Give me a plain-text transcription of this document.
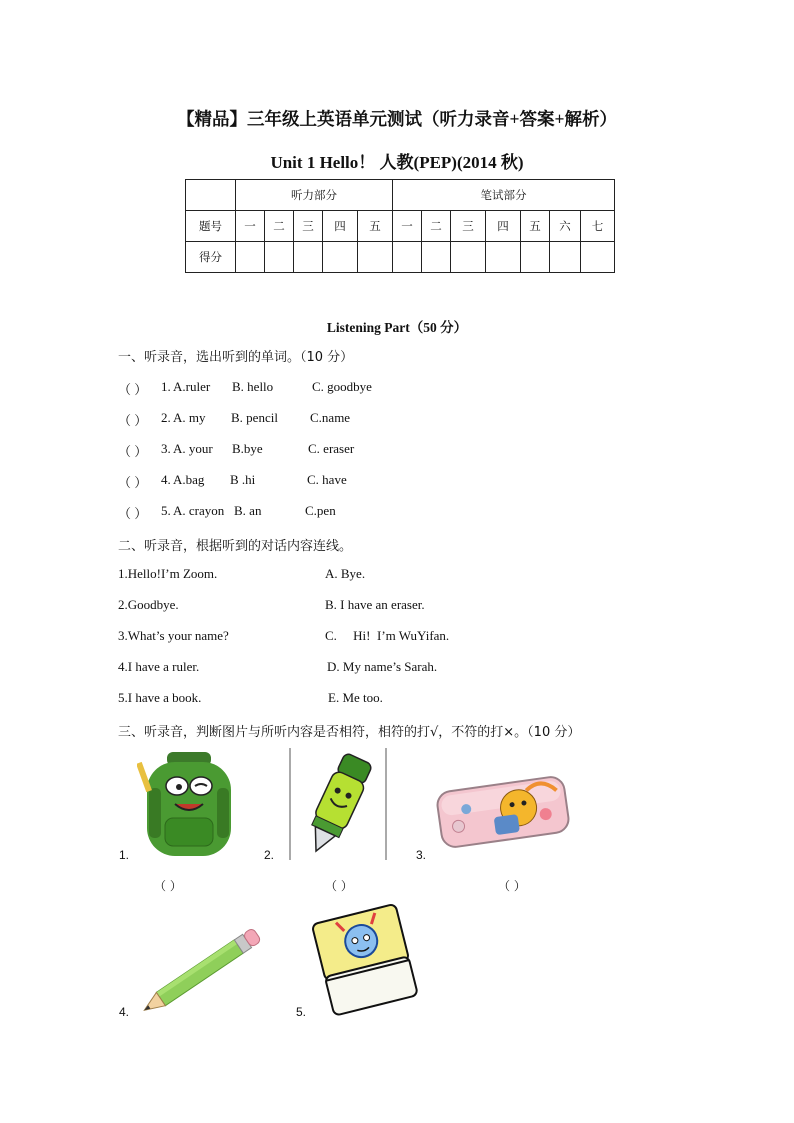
【精品】三年级上英语单元测试（听力录音+答案+解析）
Unit 1 Hello！ 人教(PEP)(2014 秋)
	听力部分					笔试部分						
题号	一	二	三	四	五	一	二	三	四	五	六	七
得分												
Listening Part（50 分）
一、听录音，选出听到的单词。（10 分）
（ ） 1. A.ruler B. hello	C. goodbye
（ ） 2. A. my B. pencil C.name
（ ） 3. A. your B.bye	C. eraser
（ ） 4. A.bag B .hi	C. have
（ ） 5. A. crayon B. an	C.pen
二、听录音，根据听到的对话内容连线。
1.Hello!I’m Zoom.
2.Goodbye.
3.What’s your name?
4.I have a ruler.
5.I have a book.
A. Bye.
B. I have an eraser.
C.     Hi!  I’m WuYifan.
D. My name’s Sarah.
E. Me too.
三、听录音，判断图片与所听内容是否相符，相符的打√，不符的打×。（10 分）
1.
（ ）
2.
（ ）
3.
（ ）
4.	5.
